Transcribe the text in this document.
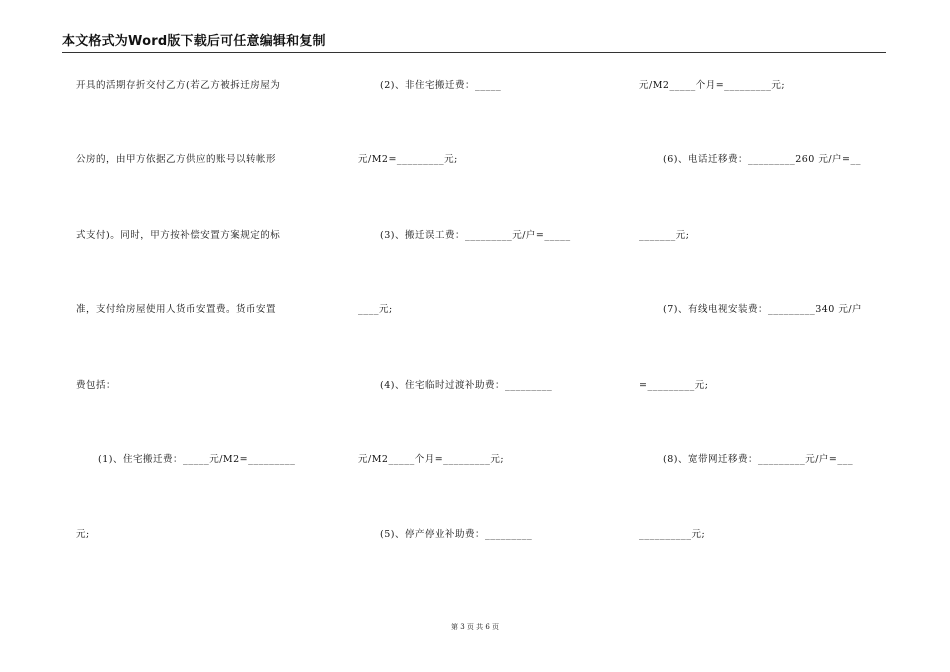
本文格式为Word版下载后可任意编辑和复制
开具的活期存折交付乙方(若乙方被拆迁房屋为
公房的，由甲方依据乙方供应的账号以转帐形
式支付)。同时，甲方按补偿安置方案规定的标
准，支付给房屋使用人货币安置费。货币安置
费包括：
(1)、住宅搬迁费：_____元/M2=_________
元;
(2)、非住宅搬迁费：_____
元/M2=_________元;
(3)、搬迁误工费：_________元/户=_____
____元;
(4)、住宅临时过渡补助费：_________
元/M2_____个月=_________元;
(5)、停产停业补助费：_________
元/M2_____个月=_________元;
(6)、电话迁移费：_________260 元/户=__
_______元;
(7)、有线电视安装费：_________340 元/户
=_________元;
(8)、宽带网迁移费：_________元/户=___
__________元;
第 3 页 共 6 页
